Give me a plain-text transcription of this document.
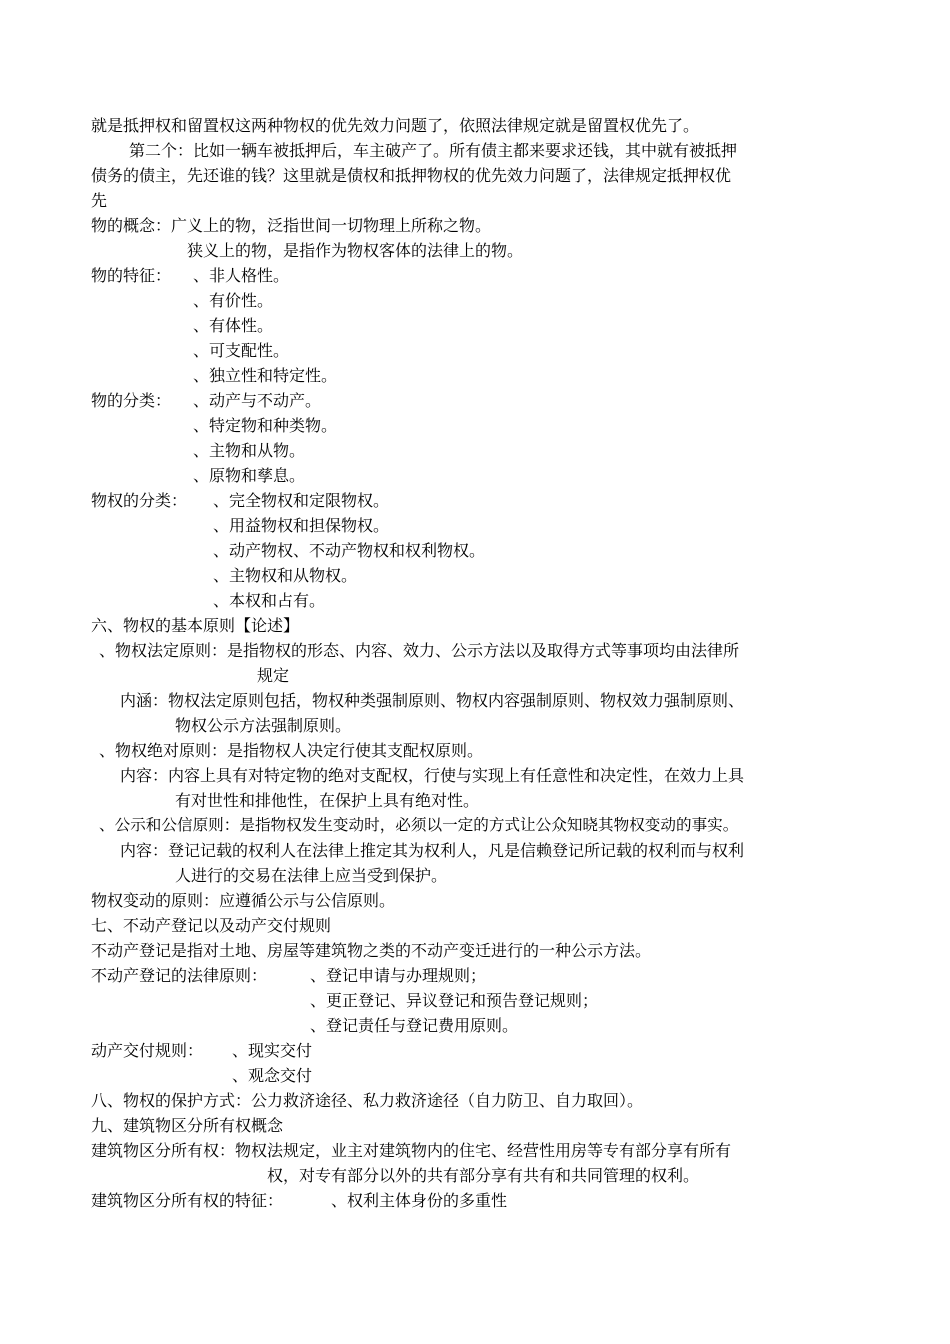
就是抵押权和留置权这两种物权的优先效力问题了，依照法律规定就是留置权优先了。
第二个：比如一辆车被抵押后，车主破产了。所有债主都来要求还钱，其中就有被抵押
债务的债主，先还谁的钱？这里就是债权和抵押物权的优先效力问题了，法律规定抵押权优
先
物的概念：广义上的物，泛指世间一切物理上所称之物。
狭义上的物，是指作为物权客体的法律上的物。
物的特征： 、非人格性。
、有价性。
、有体性。
、可支配性。
、独立性和特定性。
物的分类： 、动产与不动产。
、特定物和种类物。
、主物和从物。
、原物和孳息。
物权的分类： 、完全物权和定限物权。
、用益物权和担保物权。
、动产物权、不动产物权和权利物权。
、主物权和从物权。
、本权和占有。
六、物权的基本原则【论述】
、物权法定原则：是指物权的形态、内容、效力、公示方法以及取得方式等事项均由法律所
规定
内涵：物权法定原则包括，物权种类强制原则、物权内容强制原则、物权效力强制原则、
物权公示方法强制原则。
、物权绝对原则：是指物权人决定行使其支配权原则。
内容：内容上具有对特定物的绝对支配权，行使与实现上有任意性和决定性，在效力上具
有对世性和排他性，在保护上具有绝对性。
、公示和公信原则：是指物权发生变动时，必须以一定的方式让公众知晓其物权变动的事实。
内容：登记记载的权利人在法律上推定其为权利人，凡是信赖登记所记载的权利而与权利
人进行的交易在法律上应当受到保护。
物权变动的原则：应遵循公示与公信原则。
七、不动产登记以及动产交付规则
不动产登记是指对土地、房屋等建筑物之类的不动产变迁进行的一种公示方法。
不动产登记的法律原则：	、登记申请与办理规则；
、更正登记、异议登记和预告登记规则；
、登记责任与登记费用原则。
动产交付规则： 、现实交付
、观念交付
八、物权的保护方式：公力救济途径、私力救济途径（自力防卫、自力取回）。
九、建筑物区分所有权概念
建筑物区分所有权：物权法规定，业主对建筑物内的住宅、经营性用房等专有部分享有所有
权，对专有部分以外的共有部分享有共有和共同管理的权利。
建筑物区分所有权的特征：	、权利主体身份的多重性
